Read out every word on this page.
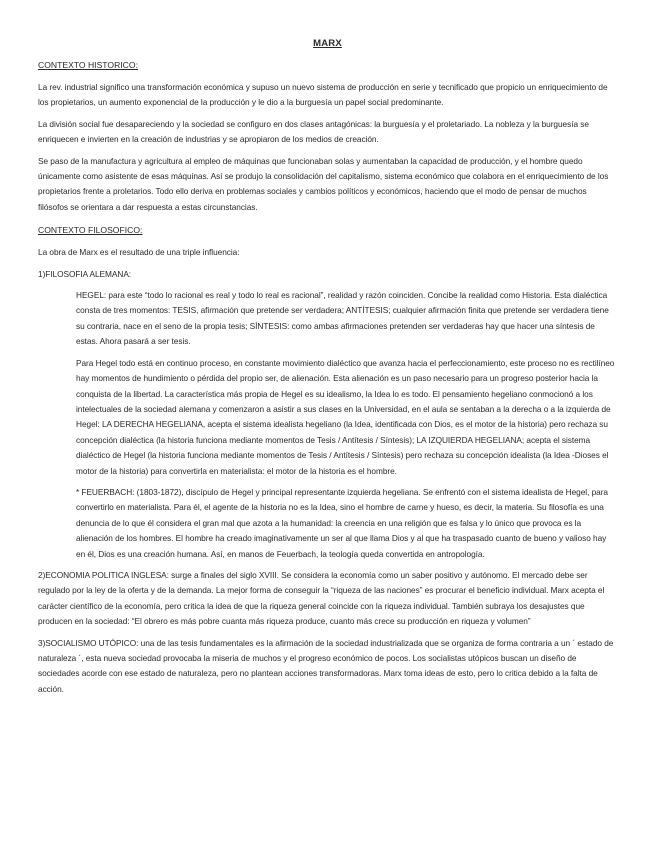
MARX
CONTEXTO HISTORICO:

La rev. industrial significo una transformación económica y supuso un nuevo sistema de producción en serie y tecnificado que propicio un enriquecimiento de los propietarios, un aumento exponencial de la producción y le dio a la burguesía un papel social predominante.

La división social fue desapareciendo y la sociedad se configuro en dos clases antagónicas: la burguesía y el proletariado. La nobleza y la burguesía se enriquecen e invierten en la creación de industrias y se apropiaron de los medios de creación.

Se paso de la manufactura y agricultura al empleo de máquinas que funcionaban solas y aumentaban la capacidad de producción, y el hombre quedo únicamente como asistente de esas máquinas. Así se produjo la consolidación del capitalismo, sistema económico que colabora en el enriquecimiento de los propietarios frente a proletarios. Todo ello deriva en problemas sociales y cambios políticos y económicos, haciendo que el modo de pensar de muchos filósofos se orientara a dar respuesta a estas circunstancias.

CONTEXTO FILOSOFICO:

La obra de Marx es el resultado de una triple influencia:

1)FILOSOFIA ALEMANA:

HEGEL: para este “todo lo racional es real y todo lo real es racional”, realidad y razón coinciden. Concibe la realidad como Historia. Esta dialéctica consta de tres momentos: TESIS, afirmación que pretende ser verdadera; ANTÍTESIS; cualquier afirmación finita que pretende ser verdadera tiene su contraria, nace en el seno de la propia tesis; SÍNTESIS: como ambas afirmaciones pretenden ser verdaderas hay que hacer una síntesis de estas. Ahora pasará a ser tesis.

Para Hegel todo está en continuo proceso, en constante movimiento dialéctico que avanza hacia el perfeccionamiento, este proceso no es rectilíneo hay momentos de hundimiento o pérdida del propio ser, de alienación. Esta alienación es un paso necesario para un progreso posterior hacia la conquista de la libertad. La característica más propia de Hegel es su idealismo, la Idea lo es todo. El pensamiento hegeliano conmocionó a los intelectuales de la sociedad alemana y comenzaron a asistir a sus clases en la Universidad, en el aula se sentaban a la derecha o a la izquierda de Hegel: LA DERECHA HEGELIANA, acepta el sistema idealista hegeliano (la Idea, identificada con Dios, es el motor de la historia) pero rechaza su concepción dialéctica (la historia funciona mediante momentos de Tesis / Antítesis / Síntesis); LA IZQUIERDA HEGELIANA; acepta el sistema dialéctico de Hegel (la historia funciona mediante momentos de Tesis / Antítesis / Síntesis) pero rechaza su concepción idealista (la Idea -Dioses el motor de la historia) para convertirla en materialista: el motor de la historia es el hombre.

* FEUERBACH: (1803-1872), discípulo de Hegel y principal representante izquierda hegeliana. Se enfrentó con el sistema idealista de Hegel, para convertirlo en materialista. Para él, el agente de la historia no es la Idea, sino el hombre de carne y hueso, es decir, la materia. Su filosofía es una denuncia de lo que él considera el gran mal que azota a la humanidad: la creencia en una religión que es falsa y lo único que provoca es la alienación de los hombres. El hombre ha creado imaginativamente un ser al que llama Dios y al que ha traspasado cuanto de bueno y valioso hay en él, Dios es una creación humana. Así, en manos de Feuerbach, la teología queda convertida en antropología.

2)ECONOMIA POLITICA INGLESA: surge a finales del siglo XVIII. Se considera la economía como un saber positivo y autónomo. El mercado debe ser regulado por la ley de la oferta y de la demanda. La mejor forma de conseguir la “riqueza de las naciones” es procurar el beneficio individual. Marx acepta el carácter científico de la economía, pero critica la idea de que la riqueza general coincide con la riqueza individual. También subraya los desajustes que producen en la sociedad: “El obrero es más pobre cuanta más riqueza produce, cuanto más crece su producción en riqueza y volumen”

3)SOCIALISMO UTÓPICO: una de las tesis fundamentales es la afirmación de la sociedad industrializada que se organiza de forma contraria a un ´ estado de naturaleza ´, esta nueva sociedad provocaba la miseria de muchos y el progreso económico de pocos. Los socialistas utópicos buscan un diseño de sociedades acorde con ese estado de naturaleza, pero no plantean acciones transformadoras. Marx toma ideas de esto, pero lo critica debido a la falta de acción.
